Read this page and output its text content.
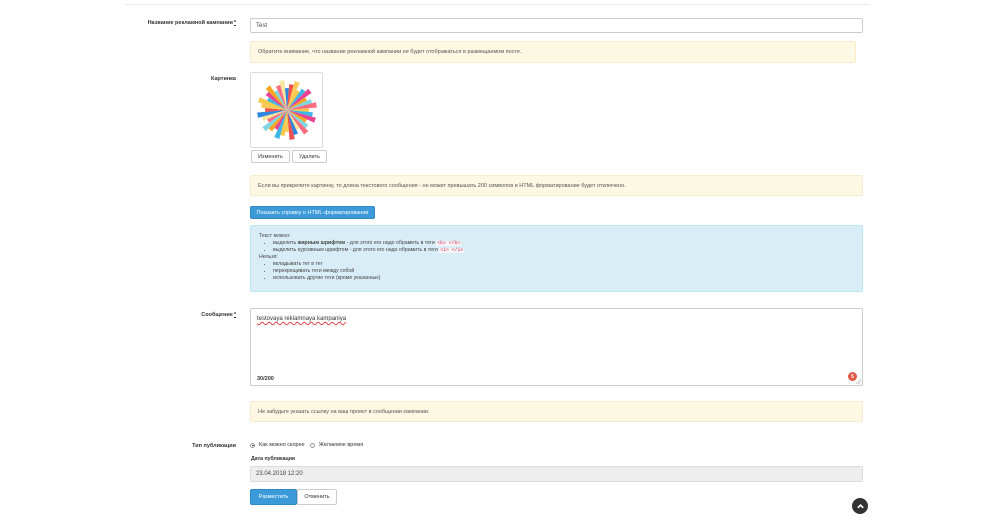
Название рекламной кампании*	Test
Обратите внимание, что название рекламной кампании не будет отображаться в размещаемом посте.
Картинка
Изменить	Удалить
Если вы прикрепите картинку, то длина текстового сообщения - не может превышать 200 символов и HTML форматирование будет отключено.
Показать справку о HTML-форматировании
Текст можно:
• выделить жирным шрифтом - для этого его надо обрамить в теги <b> </b>
• выделить курсивным шрифтом - для этого его надо обрамить в теги <i> </i>
Нельзя:
• вкладывать тег в тег
• перекрещивать теги между собой
• использовать другие теги (кроме указанных)
Сообщение*
testovaya reklamnaya kampaniya
30/200	5
Не забудьте указать ссылку на ваш проект в сообщении кампании.
Тип публикации	Как можно скорее	Желаемое время
Дата публикации
23.04.2018 12:20
Разместить	Отменить
